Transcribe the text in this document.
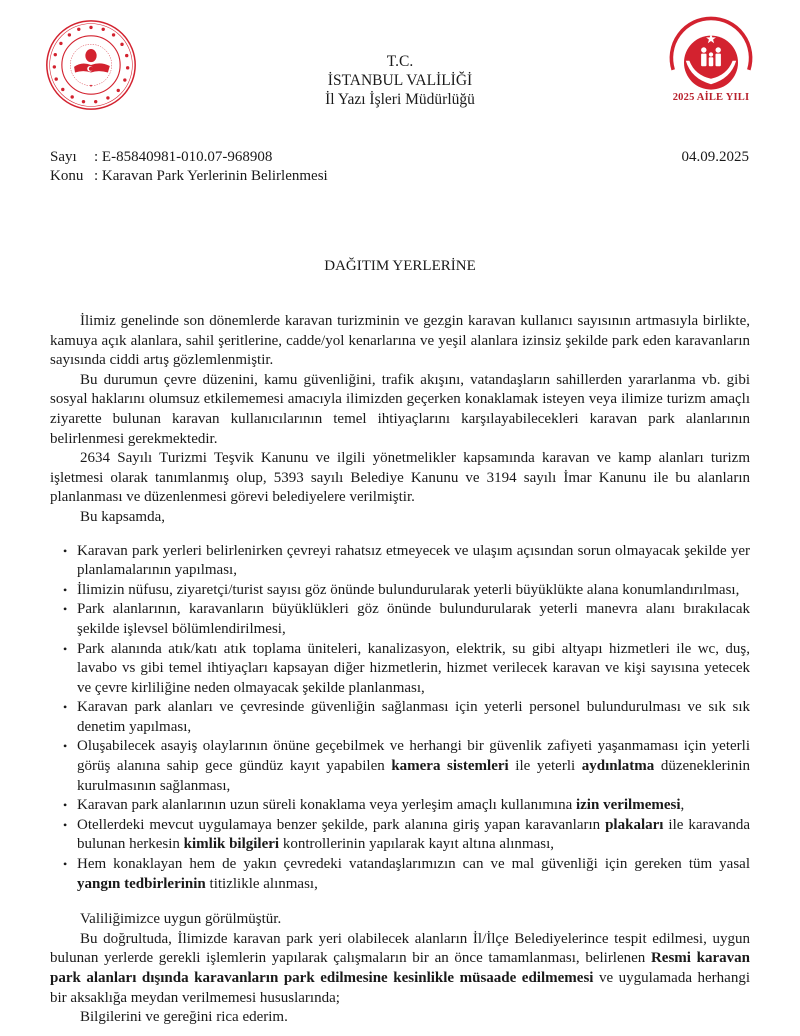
T.C.
İSTANBUL VALİLİĞİ
İl Yazı İşleri Müdürlüğü	2025 AİLE YILI
Sayı	: E-85840981-010.07-968908
Konu : Karavan Park Yerlerinin Belirlenmesi
04.09.2025
DAĞITIM YERLERİNE

İlimiz genelinde son dönemlerde karavan turizminin ve gezgin karavan kullanıcı sayısının artmasıyla birlikte, kamuya açık alanlara, sahil şeritlerine, cadde/yol kenarlarına ve yeşil alanlara izinsiz şekilde park eden karavanların sayısında ciddi artış gözlemlenmiştir.

Bu durumun çevre düzenini, kamu güvenliğini, trafik akışını, vatandaşların sahillerden yararlanma vb. gibi sosyal haklarını olumsuz etkilememesi amacıyla ilimizden geçerken konaklamak isteyen veya ilimize turizm amaçlı ziyarette bulunan karavan kullanıcılarının temel ihtiyaçlarını karşılayabilecekleri karavan park alanlarının belirlenmesi gerekmektedir.

2634 Sayılı Turizmi Teşvik Kanunu ve ilgili yönetmelikler kapsamında karavan ve kamp alanları turizm işletmesi olarak tanımlanmış olup, 5393 sayılı Belediye Kanunu ve 3194 sayılı İmar Kanunu ile bu alanların planlanması ve düzenlenmesi görevi belediyelere verilmiştir.

Bu kapsamda,

• Karavan park yerleri belirlenirken çevreyi rahatsız etmeyecek ve ulaşım açısından sorun olmayacak şekilde yer planlamalarının yapılması,
• İlimizin nüfusu, ziyaretçi/turist sayısı göz önünde bulundurularak yeterli büyüklükte alana konumlandırılması,
• Park alanlarının, karavanların büyüklükleri göz önünde bulundurularak yeterli manevra alanı bırakılacak şekilde işlevsel bölümlendirilmesi,
• Park alanında atık/katı atık toplama üniteleri, kanalizasyon, elektrik, su gibi altyapı hizmetleri ile wc, duş, lavabo vs gibi temel ihtiyaçları kapsayan diğer hizmetlerin, hizmet verilecek karavan ve kişi sayısına yetecek ve çevre kirliliğine neden olmayacak şekilde planlanması,
• Karavan park alanları ve çevresinde güvenliğin sağlanması için yeterli personel bulundurulması ve sık sık denetim yapılması,
• Oluşabilecek asayiş olaylarının önüne geçebilmek ve herhangi bir güvenlik zafiyeti yaşanmaması için yeterli görüş alanına sahip gece gündüz kayıt yapabilen kamera sistemleri ile yeterli aydınlatma düzeneklerinin kurulmasının sağlanması,
• Karavan park alanlarının uzun süreli konaklama veya yerleşim amaçlı kullanımına izin verilmemesi,
• Otellerdeki mevcut uygulamaya benzer şekilde, park alanına giriş yapan karavanların plakaları ile karavanda bulunan herkesin kimlik bilgileri kontrollerinin yapılarak kayıt altına alınması,
• Hem konaklayan hem de yakın çevredeki vatandaşlarımızın can ve mal güvenliği için gereken tüm yasal yangın tedbirlerinin titizlikle alınması,

Valiliğimizce uygun görülmüştür.

Bu doğrultuda, İlimizde karavan park yeri olabilecek alanların İl/İlçe Belediyelerince tespit edilmesi, uygun bulunan yerlerde gerekli işlemlerin yapılarak çalışmaların bir an önce tamamlanması, belirlenen Resmi karavan park alanları dışında karavanların park edilmesine kesinlikle müsaade edilmemesi ve uygulamada herhangi bir aksaklığa meydan verilmemesi hususlarında;

Bilgilerini ve gereğini rica ederim.
